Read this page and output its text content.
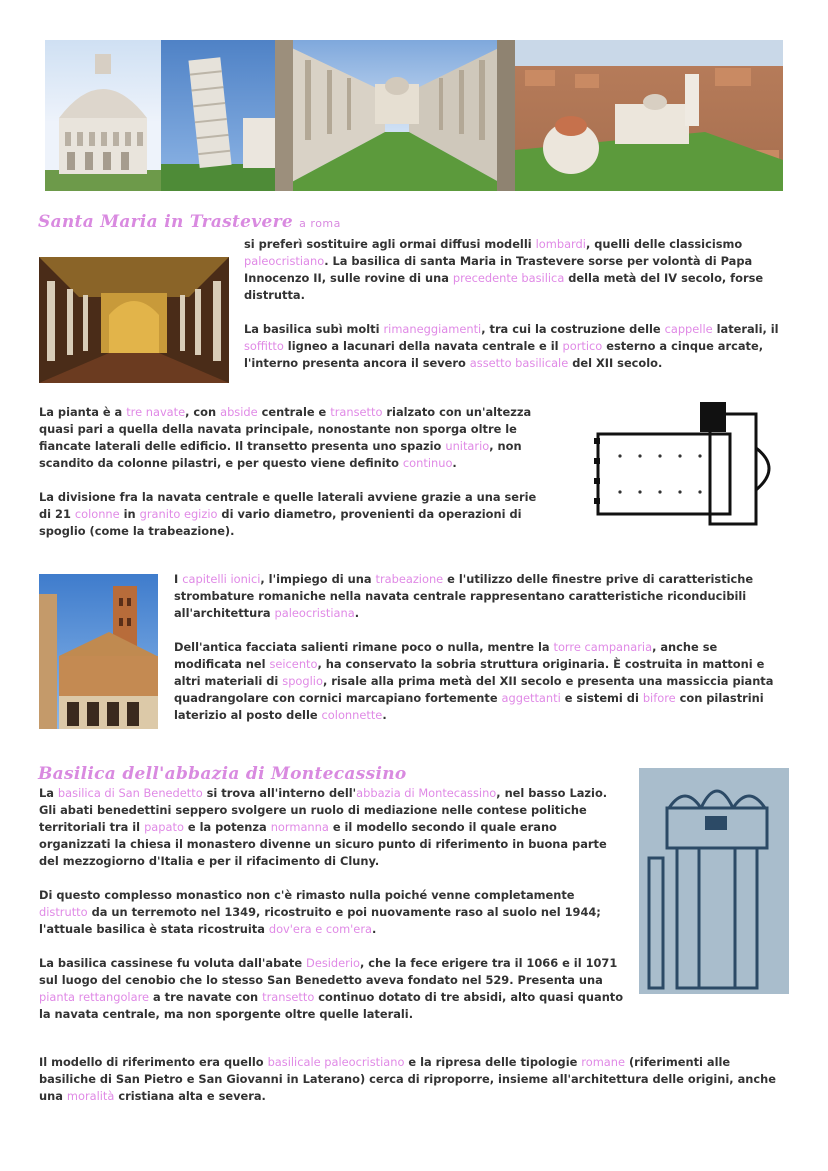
Santa Maria in Trastevere a roma

si preferì sostituire agli ormai diffusi modelli lombardi, quelli delle classicismo paleocristiano. La basilica di santa Maria in Trastevere sorse per volontà di Papa Innocenzo II, sulle rovine di una precedente basilica della metà del IV secolo, forse distrutta.

La basilica subì molti rimaneggiamenti, tra cui la costruzione delle cappelle laterali, il soffitto ligneo a lacunari della navata centrale e il portico esterno a cinque arcate, l'interno presenta ancora il severo assetto basilicale del XII secolo.

La pianta è a tre navate, con abside centrale e transetto rialzato con un'altezza quasi pari a quella della navata principale, nonostante non sporga oltre le fiancate laterali delle edificio. Il transetto presenta uno spazio unitario, non scandito da colonne pilastri, e per questo viene definito continuo.

La divisione fra la navata centrale e quelle laterali avviene grazie a una serie di 21 colonne in granito egizio di vario diametro, provenienti da operazioni di spoglio (come la trabeazione).

I capitelli ionici, l'impiego di una trabeazione e l'utilizzo delle finestre prive di caratteristiche strombature romaniche nella navata centrale rappresentano caratteristiche riconducibili all'architettura paleocristiana.

Dell'antica facciata salienti rimane poco o nulla, mentre la torre campanaria, anche se modificata nel seicento, ha conservato la sobria struttura originaria. È costruita in mattoni e altri materiali di spoglio, risale alla prima metà del XII secolo e presenta una massiccia pianta quadrangolare con cornici marcapiano fortemente aggettanti e sistemi di bifore con pilastrini laterizio al posto delle colonnette.

Basilica dell'abbazia di Montecassino

La basilica di San Benedetto si trova all'interno dell'abbazia di Montecassino, nel basso Lazio. Gli abati benedettini seppero svolgere un ruolo di mediazione nelle contese politiche territoriali tra il papato e la potenza normanna e il modello secondo il quale erano organizzati la chiesa il monastero divenne un sicuro punto di riferimento in buona parte del mezzogiorno d'Italia e per il rifacimento di Cluny.

Di questo complesso monastico non c'è rimasto nulla poiché venne completamente distrutto da un terremoto nel 1349, ricostruito e poi nuovamente raso al suolo nel 1944; l'attuale basilica è stata ricostruita dov'era e com'era.

La basilica cassinese fu voluta dall'abate Desiderio, che la fece erigere tra il 1066 e il 1071 sul luogo del cenobio che lo stesso San Benedetto aveva fondato nel 529. Presenta una pianta rettangolare a tre navate con transetto continuo dotato di tre absidi, alto quasi quanto la navata centrale, ma non sporgente oltre quelle laterali.

Il modello di riferimento era quello basilicale paleocristiano e la ripresa delle tipologie romane (riferimenti alle basiliche di San Pietro e San Giovanni in Laterano) cerca di riproporre, insieme all'architettura delle origini, anche una moralità cristiana alta e severa.
